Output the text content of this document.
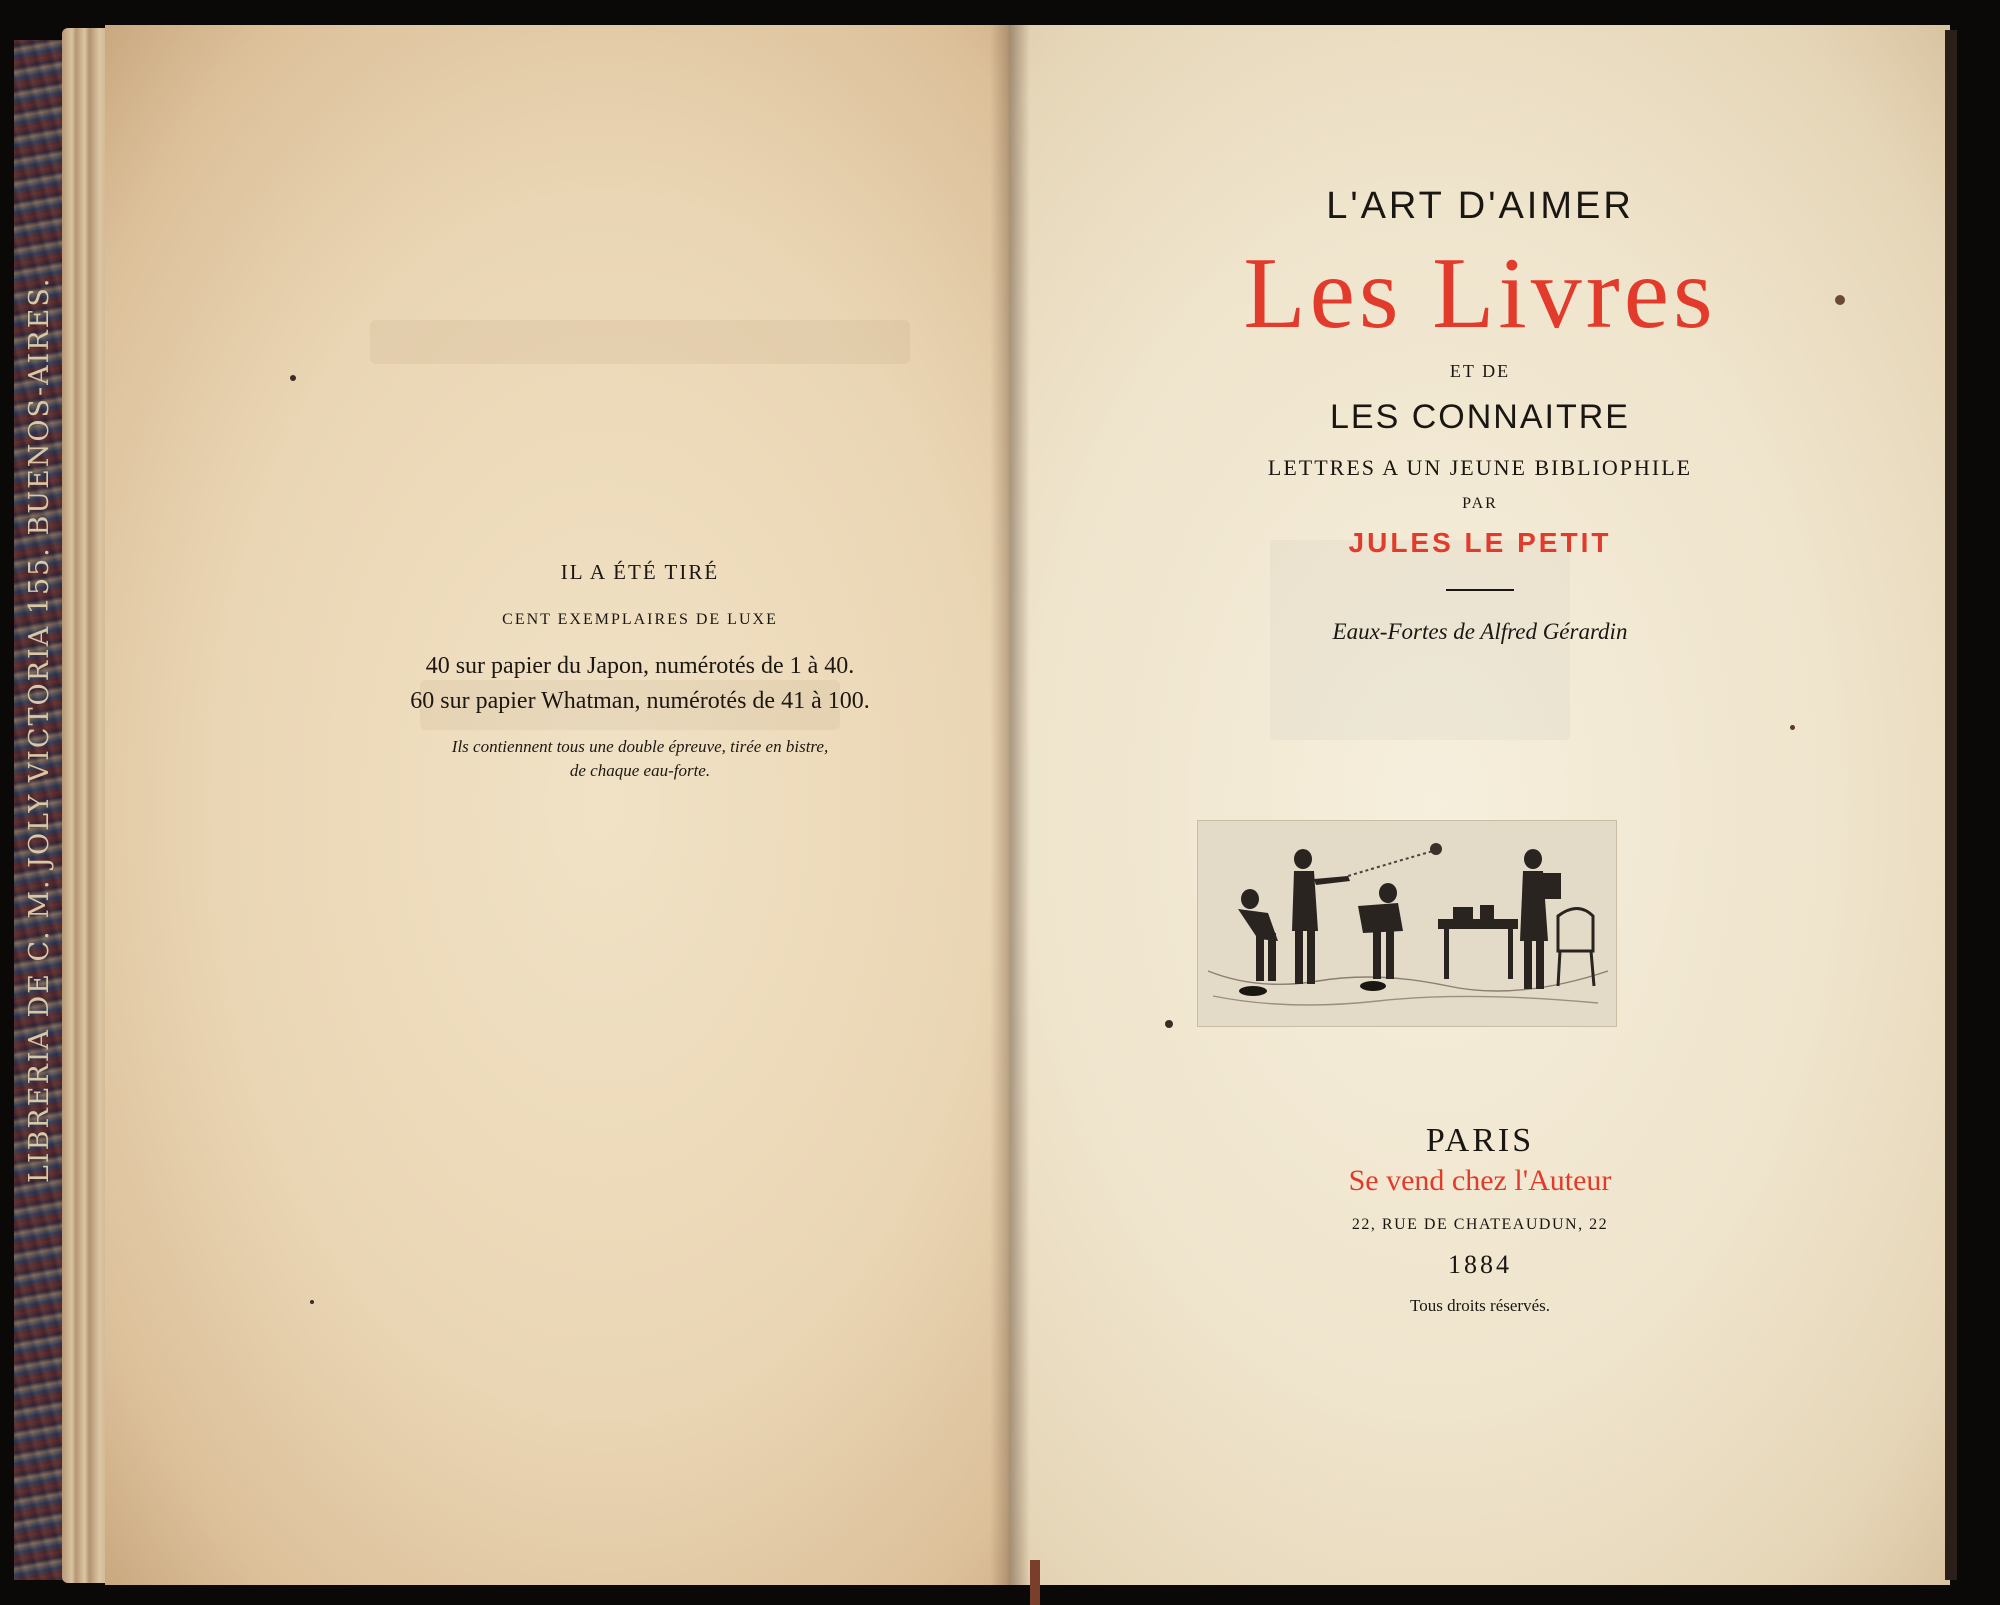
LIBRERIA DE C. M. JOLY VICTORIA 155. BUENOS-AIRES.	IL A ÉTÉ TIRÉ

CENT EXEMPLAIRES DE LUXE

40 sur papier du Japon, numérotés de 1 à 40.

60 sur papier Whatman, numérotés de 41 à 100.

Ils contiennent tous une double épreuve, tirée en bistre,

de chaque eau-forte.

L'ART D'AIMER

Les Livres

ET DE

LES CONNAITRE

LETTRES A UN JEUNE BIBLIOPHILE

PAR

JULES LE PETIT

Eaux-Fortes de Alfred Gérardin

PARIS

Se vend chez l'Auteur

22, RUE DE CHATEAUDUN, 22

1884

Tous droits réservés.
